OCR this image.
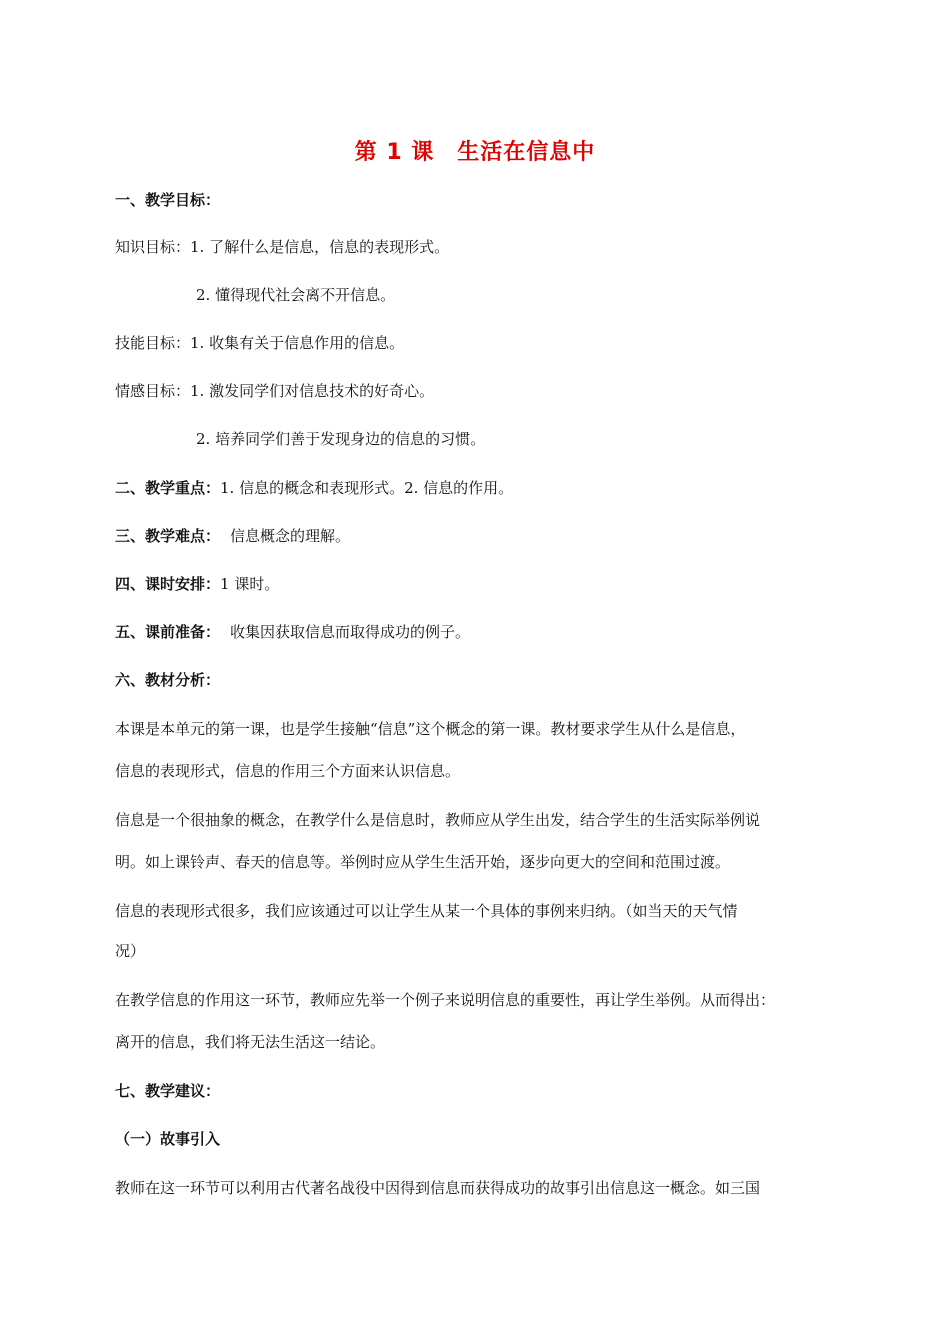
第 1 课　生活在信息中
一、教学目标：
知识目标：1. 了解什么是信息，信息的表现形式。
2. 懂得现代社会离不开信息。
技能目标：1. 收集有关于信息作用的信息。
情感目标：1. 激发同学们对信息技术的好奇心。
2. 培养同学们善于发现身边的信息的习惯。
二、教学重点：1. 信息的概念和表现形式。2. 信息的作用。
三、教学难点： 信息概念的理解。
四、课时安排：1 课时。
五、课前准备： 收集因获取信息而取得成功的例子。
六、教材分析：
本课是本单元的第一课，也是学生接触“信息”这个概念的第一课。教材要求学生从什么是信息，
信息的表现形式，信息的作用三个方面来认识信息。
信息是一个很抽象的概念，在教学什么是信息时，教师应从学生出发，结合学生的生活实际举例说
明。如上课铃声、春天的信息等。举例时应从学生生活开始，逐步向更大的空间和范围过渡。
信息的表现形式很多，我们应该通过可以让学生从某一个具体的事例来归纳。（如当天的天气情
况）
在教学信息的作用这一环节，教师应先举一个例子来说明信息的重要性，再让学生举例。从而得出：
离开的信息，我们将无法生活这一结论。
七、教学建议：
（一）故事引入
教师在这一环节可以利用古代著名战役中因得到信息而获得成功的故事引出信息这一概念。如三国
